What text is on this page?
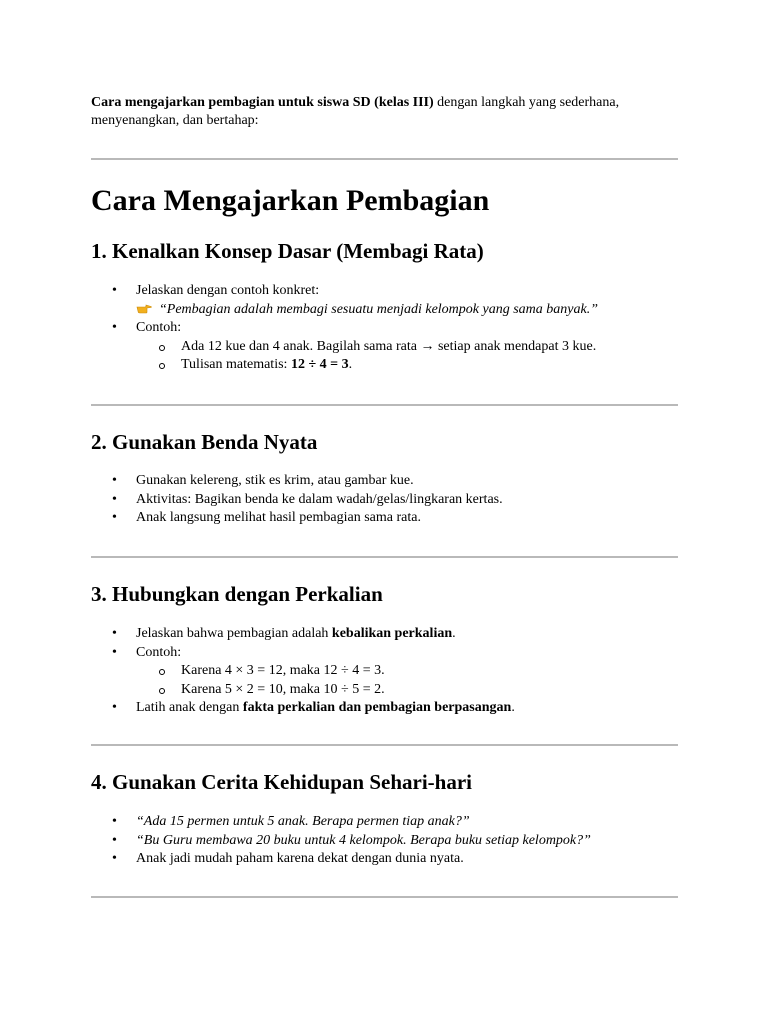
Cara mengajarkan pembagian untuk siswa SD (kelas III) dengan langkah yang sederhana, menyenangkan, dan bertahap:

Cara Mengajarkan Pembagian
1. Kenalkan Konsep Dasar (Membagi Rata)
• Jelaskan dengan contoh konkret:
“Pembagian adalah membagi sesuatu menjadi kelompok yang sama banyak.”
• Contoh:
Ada 12 kue dan 4 anak. Bagilah sama rata → setiap anak mendapat 3 kue.
Tulisan matematis: 12 ÷ 4 = 3.
2. Gunakan Benda Nyata
• Gunakan kelereng, stik es krim, atau gambar kue.
• Aktivitas: Bagikan benda ke dalam wadah/gelas/lingkaran kertas.
• Anak langsung melihat hasil pembagian sama rata.
3. Hubungkan dengan Perkalian
• Jelaskan bahwa pembagian adalah kebalikan perkalian.
• Contoh:
Karena 4 × 3 = 12, maka 12 ÷ 4 = 3.
Karena 5 × 2 = 10, maka 10 ÷ 5 = 2.
• Latih anak dengan fakta perkalian dan pembagian berpasangan.
4. Gunakan Cerita Kehidupan Sehari-hari
• “Ada 15 permen untuk 5 anak. Berapa permen tiap anak?”
• “Bu Guru membawa 20 buku untuk 4 kelompok. Berapa buku setiap kelompok?”
• Anak jadi mudah paham karena dekat dengan dunia nyata.
